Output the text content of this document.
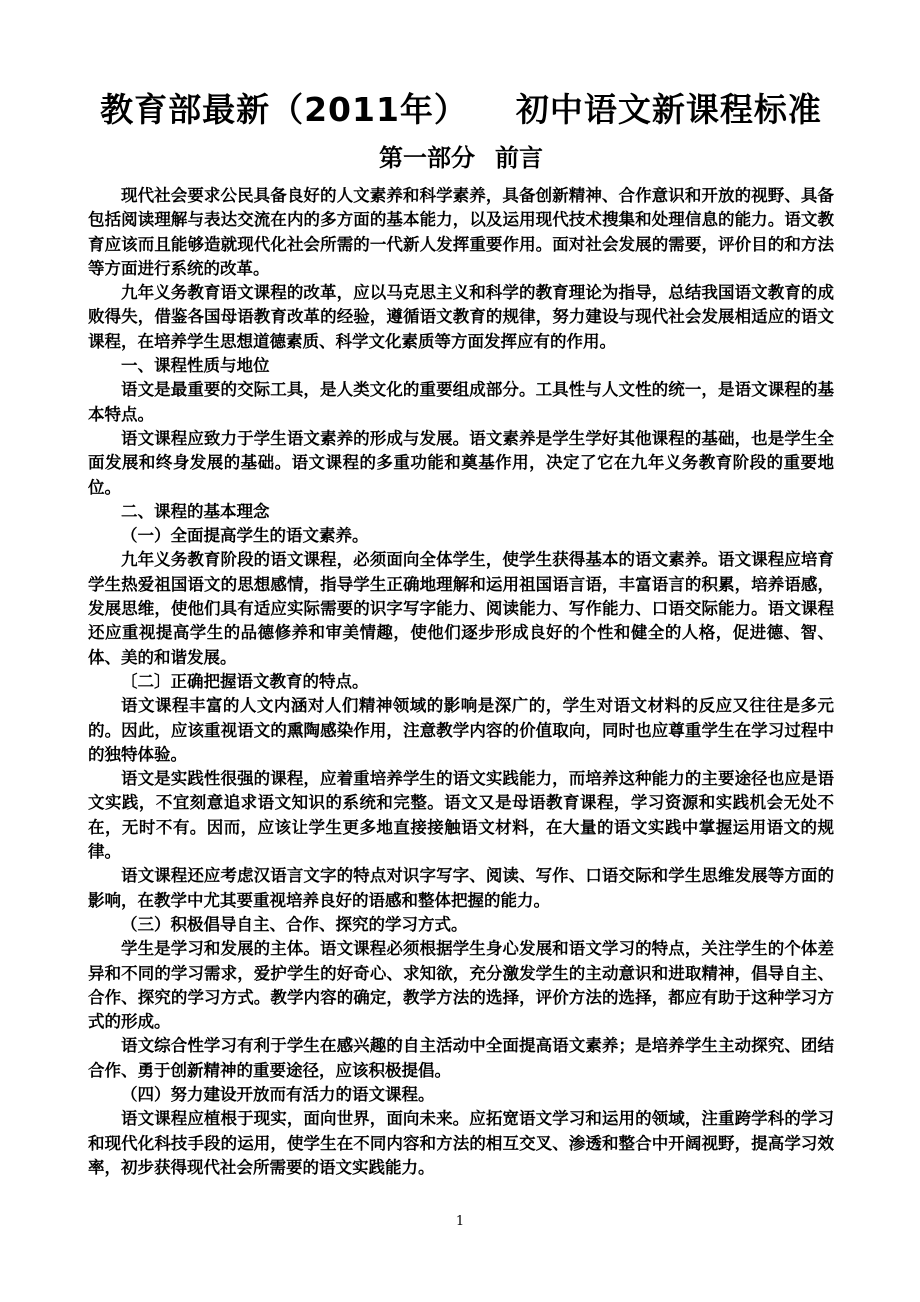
教育部最新（2011年） 初中语文新课程标准
第一部分 前言

现代社会要求公民具备良好的人文素养和科学素养，具备创新精神、合作意识和开放的视野、具备包括阅读理解与表达交流在内的多方面的基本能力，以及运用现代技术搜集和处理信息的能力。语文教育应该而且能够造就现代化社会所需的一代新人发挥重要作用。面对社会发展的需要，评价目的和方法等方面进行系统的改革。

九年义务教育语文课程的改革，应以马克思主义和科学的教育理论为指导，总结我国语文教育的成败得失，借鉴各国母语教育改革的经验，遵循语文教育的规律，努力建设与现代社会发展相适应的语文课程，在培养学生思想道德素质、科学文化素质等方面发挥应有的作用。

一、课程性质与地位

语文是最重要的交际工具，是人类文化的重要组成部分。工具性与人文性的统一，是语文课程的基本特点。

语文课程应致力于学生语文素养的形成与发展。语文素养是学生学好其他课程的基础，也是学生全面发展和终身发展的基础。语文课程的多重功能和奠基作用，决定了它在九年义务教育阶段的重要地位。

二、课程的基本理念

（一）全面提高学生的语文素养。

九年义务教育阶段的语文课程，必须面向全体学生，使学生获得基本的语文素养。语文课程应培育学生热爱祖国语文的思想感情，指导学生正确地理解和运用祖国语言语，丰富语言的积累，培养语感，发展思维，使他们具有适应实际需要的识字写字能力、阅读能力、写作能力、口语交际能力。语文课程还应重视提高学生的品德修养和审美情趣，使他们逐步形成良好的个性和健全的人格，促进德、智、体、美的和谐发展。

〔二〕正确把握语文教育的特点。

语文课程丰富的人文内涵对人们精神领域的影响是深广的，学生对语文材料的反应又往往是多元的。因此，应该重视语文的熏陶感染作用，注意教学内容的价值取向，同时也应尊重学生在学习过程中的独特体验。

语文是实践性很强的课程，应着重培养学生的语文实践能力，而培养这种能力的主要途径也应是语文实践，不宜刻意追求语文知识的系统和完整。语文又是母语教育课程，学习资源和实践机会无处不在，无时不有。因而，应该让学生更多地直接接触语文材料，在大量的语文实践中掌握运用语文的规律。

语文课程还应考虑汉语言文字的特点对识字写字、阅读、写作、口语交际和学生思维发展等方面的影响，在教学中尤其要重视培养良好的语感和整体把握的能力。

（三）积极倡导自主、合作、探究的学习方式。

学生是学习和发展的主体。语文课程必须根据学生身心发展和语文学习的特点，关注学生的个体差异和不同的学习需求，爱护学生的好奇心、求知欲，充分激发学生的主动意识和进取精神，倡导自主、合作、探究的学习方式。教学内容的确定，教学方法的选择，评价方法的选择，都应有助于这种学习方式的形成。

语文综合性学习有利于学生在感兴趣的自主活动中全面提高语文素养；是培养学生主动探究、团结合作、勇于创新精神的重要途径，应该积极提倡。

（四）努力建设开放而有活力的语文课程。

语文课程应植根于现实，面向世界，面向未来。应拓宽语文学习和运用的领域，注重跨学科的学习和现代化科技手段的运用，使学生在不同内容和方法的相互交叉、渗透和整合中开阔视野，提高学习效率，初步获得现代社会所需要的语文实践能力。

1
